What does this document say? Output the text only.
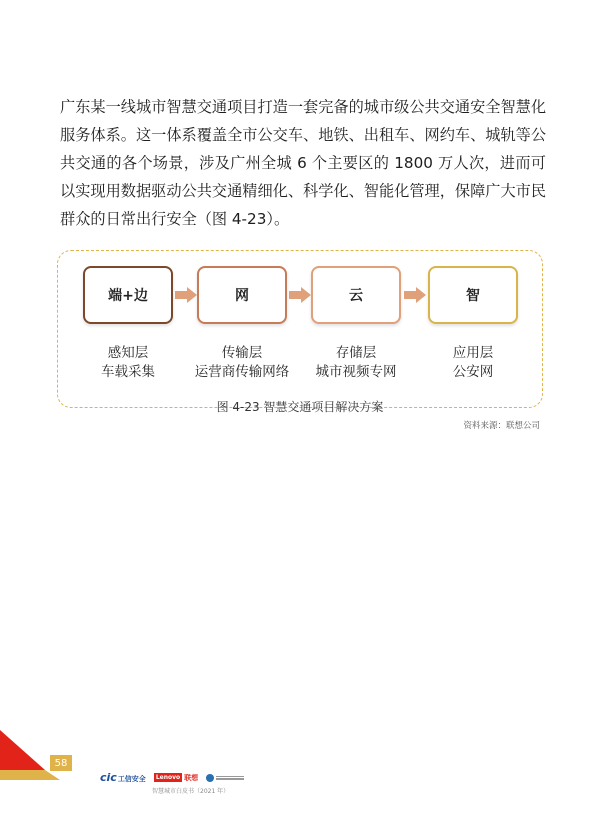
广东某一线城市智慧交通项目打造一套完备的城市级公共交通安全智慧化服务体系。这一体系覆盖全市公交车、地铁、出租车、网约车、城轨等公共交通的各个场景，涉及广州全城 6 个主要区的 1800 万人次，进而可以实现用数据驱动公共交通精细化、科学化、智能化管理，保障广大市民群众的日常出行安全（图 4-23）。

端+边	网	云	智
感知层
车载采集
传输层
运营商传输网络
存储层
城市视频专网
应用层
公安网
图 4-23 智慧交通项目解决方案
资料来源：联想公司
58
cic工信安全	Lenovo 联想
智慧城市白皮书（2021 年）
